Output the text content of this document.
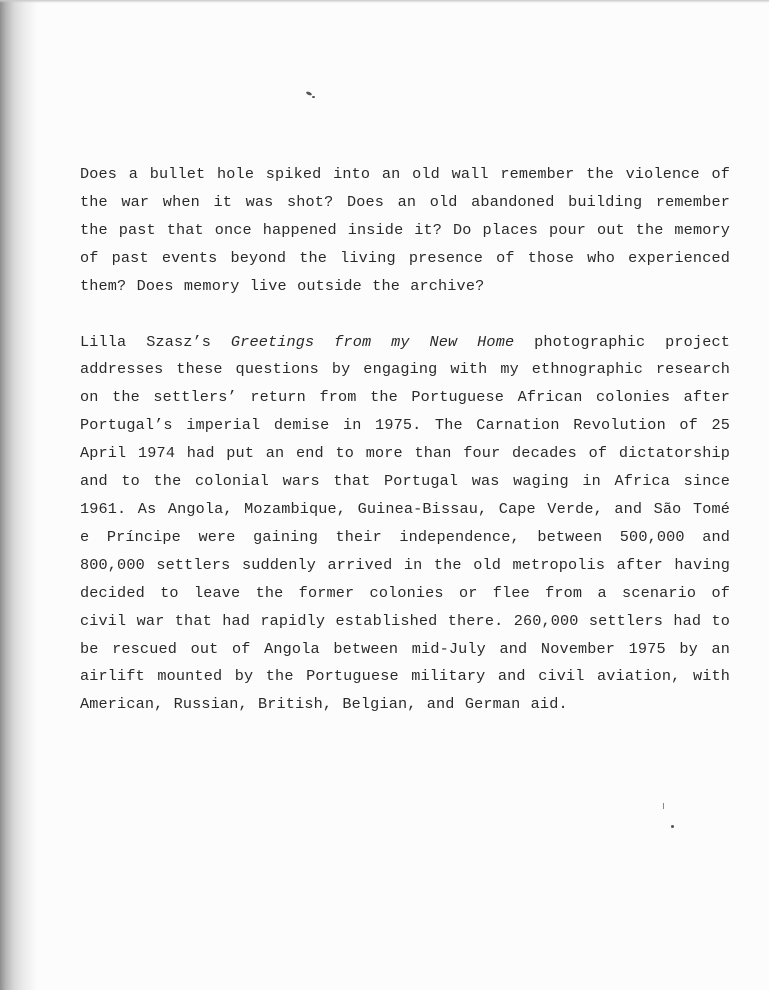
Does a bullet hole spiked into an old wall remember the violence of the war when it was shot? Does an old abandoned building remember the past that once happened inside it? Do places pour out the memory of past events beyond the living presence of those who experienced them? Does memory live outside the archive?

Lilla Szasz’s Greetings from my New Home photographic project addresses these questions by engaging with my ethnographic research on the settlers’ return from the Portuguese African colonies after Portugal’s imperial demise in 1975. The Carnation Revolution of 25 April 1974 had put an end to more than four decades of dictatorship and to the colonial wars that Portugal was waging in Africa since 1961. As Angola, Mozambique, Guinea-Bissau, Cape Verde, and São Tomé e Príncipe were gaining their independence, between 500,000 and 800,000 settlers suddenly arrived in the old metropolis after having decided to leave the former colonies or flee from a scenario of civil war that had rapidly established there. 260,000 settlers had to be rescued out of Angola between mid-July and November 1975 by an airlift mounted by the Portuguese military and civil aviation, with American, Russian, British, Belgian, and German aid.
